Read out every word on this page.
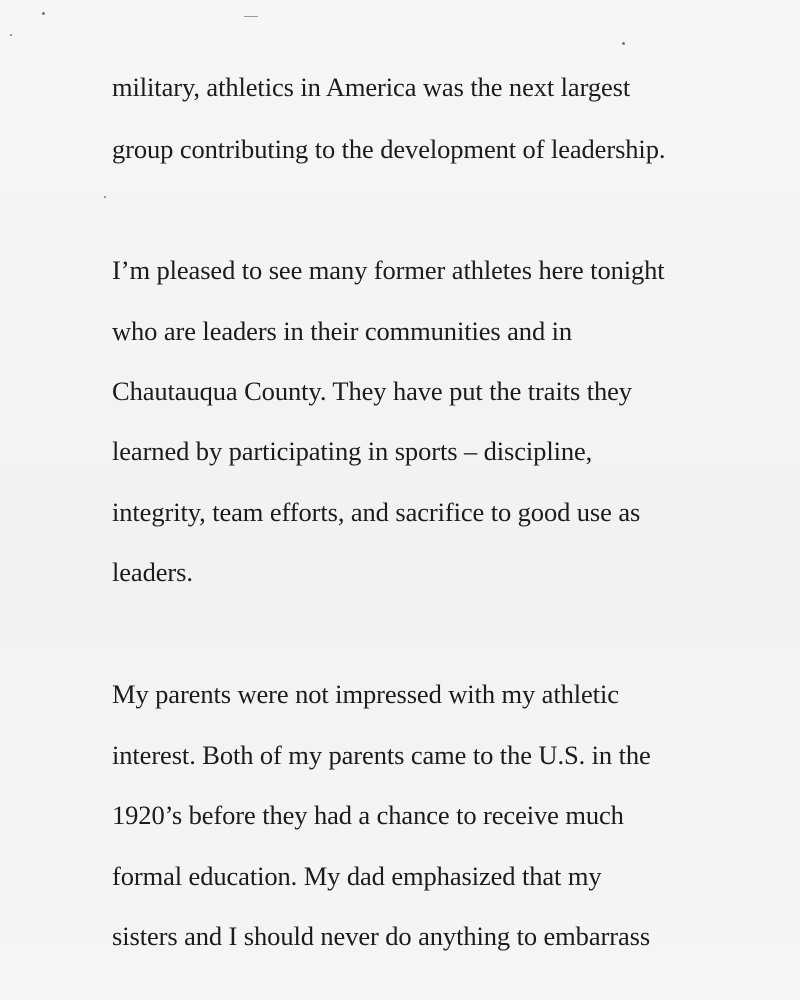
military, athletics in America was the next largest
group contributing to the development of leadership.
I’m pleased to see many former athletes here tonight
who are leaders in their communities and in
Chautauqua County. They have put the traits they
learned by participating in sports – discipline,
integrity, team efforts, and sacrifice to good use as
leaders.
My parents were not impressed with my athletic
interest. Both of my parents came to the U.S. in the
1920’s before they had a chance to receive much
formal education. My dad emphasized that my
sisters and I should never do anything to embarrass
